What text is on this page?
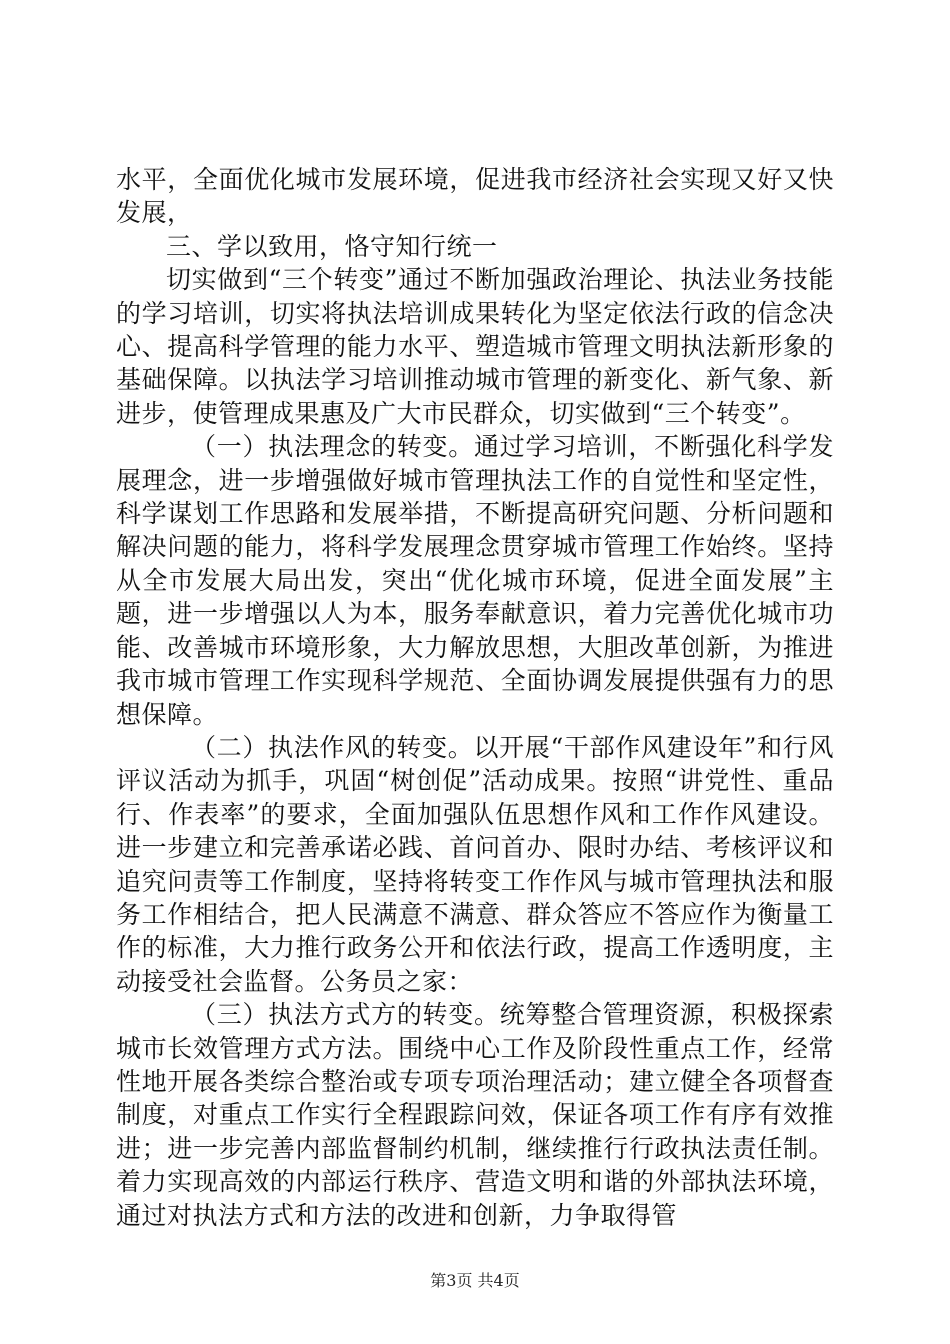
水平，全面优化城市发展环境，促进我市经济社会实现又好又快发展，

三、学以致用，恪守知行统一

切实做到“三个转变”通过不断加强政治理论、执法业务技能的学习培训，切实将执法培训成果转化为坚定依法行政的信念决心、提高科学管理的能力水平、塑造城市管理文明执法新形象的基础保障。以执法学习培训推动城市管理的新变化、新气象、新进步，使管理成果惠及广大市民群众，切实做到“三个转变”。

（一）执法理念的转变。通过学习培训，不断强化科学发展理念，进一步增强做好城市管理执法工作的自觉性和坚定性，科学谋划工作思路和发展举措，不断提高研究问题、分析问题和解决问题的能力，将科学发展理念贯穿城市管理工作始终。坚持从全市发展大局出发，突出“优化城市环境，促进全面发展”主题，进一步增强以人为本，服务奉献意识，着力完善优化城市功能、改善城市环境形象，大力解放思想，大胆改革创新，为推进我市城市管理工作实现科学规范、全面协调发展提供强有力的思想保障。

（二）执法作风的转变。以开展“干部作风建设年”和行风评议活动为抓手，巩固“树创促”活动成果。按照“讲党性、重品行、作表率”的要求，全面加强队伍思想作风和工作作风建设。进一步建立和完善承诺必践、首问首办、限时办结、考核评议和追究问责等工作制度，坚持将转变工作作风与城市管理执法和服务工作相结合，把人民满意不满意、群众答应不答应作为衡量工作的标准，大力推行政务公开和依法行政，提高工作透明度，主动接受社会监督。公务员之家：

（三）执法方式方的转变。统筹整合管理资源，积极探索城市长效管理方式方法。围绕中心工作及阶段性重点工作，经常性地开展各类综合整治或专项专项治理活动；建立健全各项督查制度，对重点工作实行全程跟踪问效，保证各项工作有序有效推进；进一步完善内部监督制约机制，继续推行行政执法责任制。着力实现高效的内部运行秩序、营造文明和谐的外部执法环境，通过对执法方式和方法的改进和创新，力争取得管

第3页 共4页
